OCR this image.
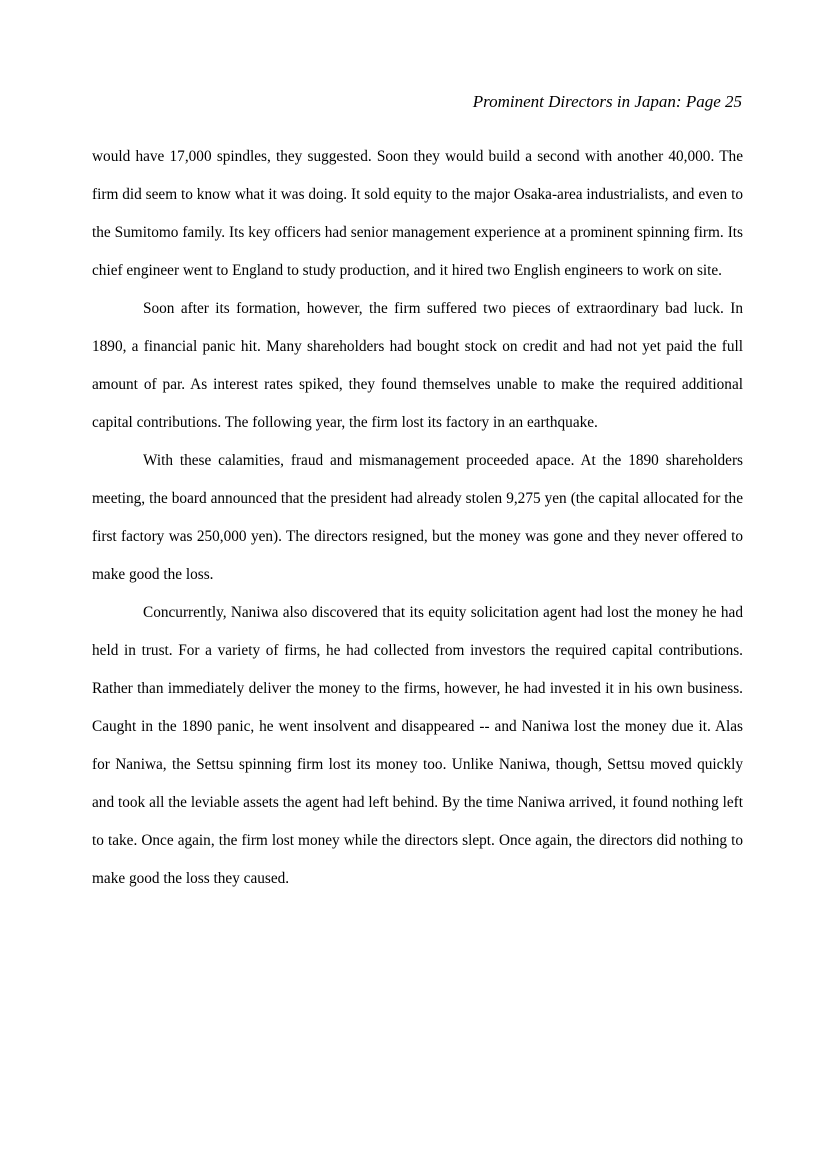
Prominent Directors in Japan: Page 25

would have 17,000 spindles, they suggested. Soon they would build a second with another 40,000. The firm did seem to know what it was doing. It sold equity to the major Osaka-area industrialists, and even to the Sumitomo family. Its key officers had senior management experience at a prominent spinning firm. Its chief engineer went to England to study production, and it hired two English engineers to work on site.

Soon after its formation, however, the firm suffered two pieces of extraordinary bad luck. In 1890, a financial panic hit. Many shareholders had bought stock on credit and had not yet paid the full amount of par. As interest rates spiked, they found themselves unable to make the required additional capital contributions. The following year, the firm lost its factory in an earthquake.

With these calamities, fraud and mismanagement proceeded apace. At the 1890 shareholders meeting, the board announced that the president had already stolen 9,275 yen (the capital allocated for the first factory was 250,000 yen). The directors resigned, but the money was gone and they never offered to make good the loss.

Concurrently, Naniwa also discovered that its equity solicitation agent had lost the money he had held in trust. For a variety of firms, he had collected from investors the required capital contributions. Rather than immediately deliver the money to the firms, however, he had invested it in his own business. Caught in the 1890 panic, he went insolvent and disappeared -- and Naniwa lost the money due it. Alas for Naniwa, the Settsu spinning firm lost its money too. Unlike Naniwa, though, Settsu moved quickly and took all the leviable assets the agent had left behind. By the time Naniwa arrived, it found nothing left to take. Once again, the firm lost money while the directors slept. Once again, the directors did nothing to make good the loss they caused.
